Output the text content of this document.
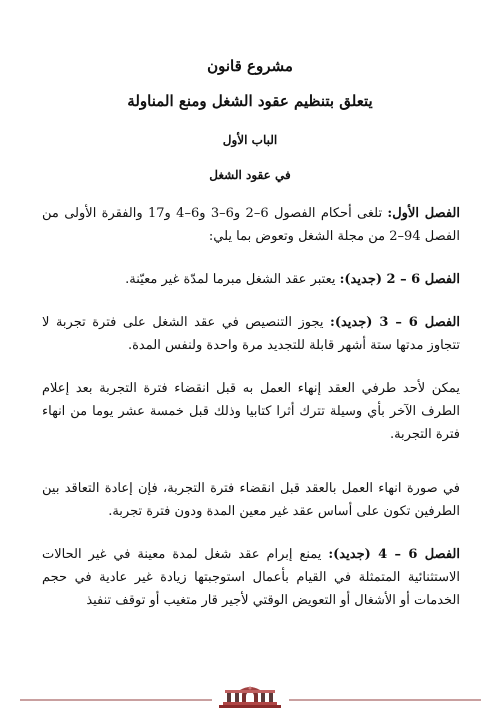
مشروع قانون
يتعلق بتنظيم عقود الشغل ومنع المناولة
الباب الأول
في عقود الشغل

الفصل الأول: تلغى أحكام الفصول 6–2 و6–3 و6–4 و17 والفقرة الأولى من الفصل 94–2 من مجلة الشغل وتعوض بما يلي:

الفصل 6 – 2 (جديد): يعتبر عقد الشغل مبرما لمدّة غير معيّنة.

الفصل 6 – 3 (جديد): يجوز التنصيص في عقد الشغل على فترة تجربة لا تتجاوز مدتها ستة أشهر قابلة للتجديد مرة واحدة ولنفس المدة.

يمكن لأحد طرفي العقد إنهاء العمل به قبل انقضاء فترة التجربة بعد إعلام الطرف الآخر بأي وسيلة تترك أثرا كتابيا وذلك قبل خمسة عشر يوما من انهاء فترة التجربة.

في صورة انهاء العمل بالعقد قبل انقضاء فترة التجربة، فإن إعادة التعاقد بين الطرفين تكون على أساس عقد غير معين المدة ودون فترة تجربة.

الفصل 6 – 4 (جديد): يمنع إبرام عقد شغل لمدة معينة في غير الحالات الاستثنائية المتمثلة في القيام بأعمال استوجبتها زيادة غير عادية في حجم الخدمات أو الأشغال أو التعويض الوقتي لأجير قار متغيب أو توقف تنفيذ
